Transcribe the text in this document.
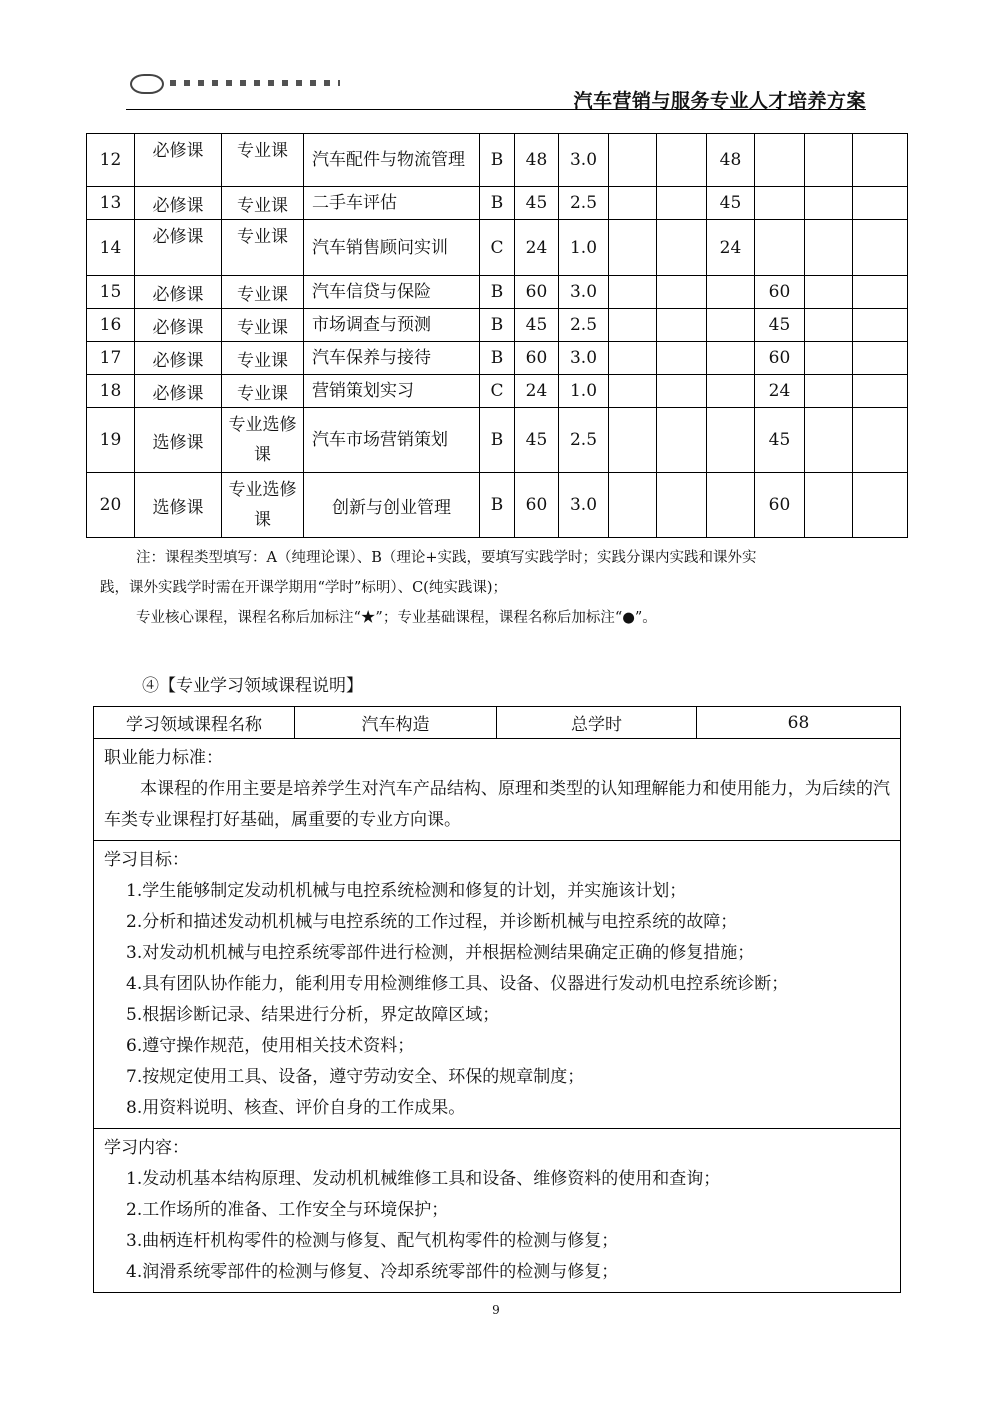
汽车营销与服务专业人才培养方案
12	必修课	专业课	汽车配件与物流管理	B	48	3.0			48			
13	必修课	专业课	二手车评估	B	45	2.5			45			
14	必修课	专业课	汽车销售顾问实训	C	24	1.0			24			
15	必修课	专业课	汽车信贷与保险	B	60	3.0				60		
16	必修课	专业课	市场调查与预测	B	45	2.5				45		
17	必修课	专业课	汽车保养与接待	B	60	3.0				60		
18	必修课	专业课	营销策划实习	C	24	1.0				24		
19	选修课	专业选修课	汽车市场营销策划	B	45	2.5				45		
20	选修课	专业选修课	创新与创业管理	B	60	3.0				60		

注：课程类型填写：A（纯理论课）、B（理论+实践，要填写实践学时；实践分课内实践和课外实

践，课外实践学时需在开课学期用“学时”标明）、C(纯实践课)；

专业核心课程，课程名称后加标注“★”；专业基础课程，课程名称后加标注“●”。

④【专业学习领域课程说明】
学习领域课程名称	汽车构造	总学时	68

职业能力标准：
本课程的作用主要是培养学生对汽车产品结构、原理和类型的认知理解能力和使用能力，为后续的汽车类专业课程打好基础，属重要的专业方向课。

学习目标：
1.学生能够制定发动机机械与电控系统检测和修复的计划，并实施该计划；
2.分析和描述发动机机械与电控系统的工作过程，并诊断机械与电控系统的故障；
3.对发动机机械与电控系统零部件进行检测，并根据检测结果确定正确的修复措施；
4.具有团队协作能力，能利用专用检测维修工具、设备、仪器进行发动机电控系统诊断；
5.根据诊断记录、结果进行分析，界定故障区域；
6.遵守操作规范，使用相关技术资料；
7.按规定使用工具、设备，遵守劳动安全、环保的规章制度；
8.用资料说明、核查、评价自身的工作成果。

学习内容：
1.发动机基本结构原理、发动机机械维修工具和设备、维修资料的使用和查询；
2.工作场所的准备、工作安全与环境保护；
3.曲柄连杆机构零件的检测与修复、配气机构零件的检测与修复；
4.润滑系统零部件的检测与修复、冷却系统零部件的检测与修复；
9
